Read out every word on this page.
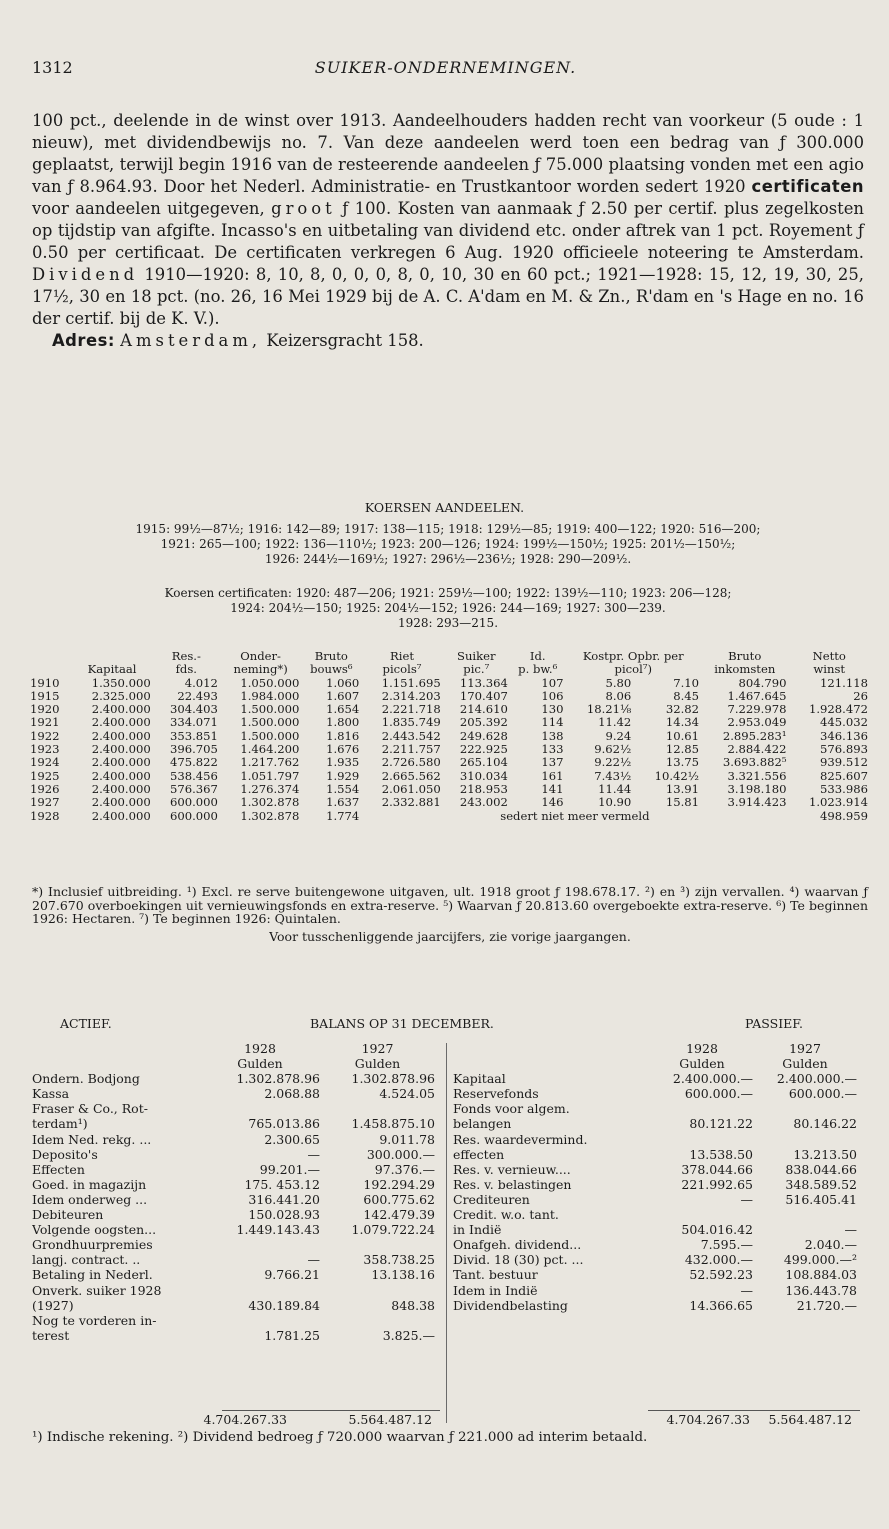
1312	SUIKER-ONDERNEMINGEN.

100 pct., deelende in de winst over 1913. Aandeelhouders hadden recht van voorkeur (5 oude : 1 nieuw), met dividendbewijs no. 7. Van deze aandeelen werd toen een bedrag van ƒ 300.000 geplaatst, terwijl begin 1916 van de resteerende aandeelen ƒ 75.000 plaatsing vonden met een agio van ƒ 8.964.93. Door het Nederl. Administratie- en Trustkantoor worden sedert 1920 certificaten voor aandeelen uitgegeven, groot ƒ 100. Kosten van aanmaak ƒ 2.50 per certif. plus zegelkosten op tijdstip van afgifte. Incasso's en uitbetaling van dividend etc. onder aftrek van 1 pct. Royement ƒ 0.50 per certificaat. De certificaten verkregen 6 Aug. 1920 officieele noteering te Amsterdam. Dividend 1910—1920: 8, 10, 8, 0, 0, 0, 8, 0, 10, 30 en 60 pct.; 1921—1928: 15, 12, 19, 30, 25, 17½, 30 en 18 pct. (no. 26, 16 Mei 1929 bij de A. C. A'dam en M. & Zn., R'dam en 's Hage en no. 16 der certif. bij de K. V.).

Adres: Amsterdam, Keizersgracht 158.

KOERSEN AANDEELEN.
1915: 99½—87½; 1916: 142—89; 1917: 138—115; 1918: 129½—85; 1919: 400—122; 1920: 516—200;
1921: 265—100; 1922: 136—110½; 1923: 200—126; 1924: 199½—150½; 1925: 201½—150½;
1926: 244½—169½; 1927: 296½—236½; 1928: 290—209½.
Koersen certificaten: 1920: 487—206; 1921: 259½—100; 1922: 139½—110; 1923: 206—128;
1924: 204½—150; 1925: 204½—152; 1926: 244—169; 1927: 300—239.
1928: 293—215.
		Res.-	Onder-	Bruto	Riet	Suiker	Id.	Kostpr. Opbr. per		Bruto	Netto
	Kapitaal	fds.	neming*)	bouws⁶	picols⁷	pic.⁷	p. bw.⁶	picol⁷)		inkomsten	winst
1910	1.350.000	4.012	1.050.000	1.060	1.151.695	113.364	107	5.80	7.10	804.790	121.118
1915	2.325.000	22.493	1.984.000	1.607	2.314.203	170.407	106	8.06	8.45	1.467.645	26
1920	2.400.000	304.403	1.500.000	1.654	2.221.718	214.610	130	18.21⅛	32.82	7.229.978	1.928.472
1921	2.400.000	334.071	1.500.000	1.800	1.835.749	205.392	114	11.42	14.34	2.953.049	445.032
1922	2.400.000	353.851	1.500.000	1.816	2.443.542	249.628	138	9.24	10.61	2.895.283¹	346.136
1923	2.400.000	396.705	1.464.200	1.676	2.211.757	222.925	133	9.62½	12.85	2.884.422	576.893
1924	2.400.000	475.822	1.217.762	1.935	2.726.580	265.104	137	9.22½	13.75	3.693.882⁵	939.512
1925	2.400.000	538.456	1.051.797	1.929	2.665.562	310.034	161	7.43½	10.42½	3.321.556	825.607
1926	2.400.000	576.367	1.276.374	1.554	2.061.050	218.953	141	11.44	13.91	3.198.180	533.986
1927	2.400.000	600.000	1.302.878	1.637	2.332.881	243.002	146	10.90	15.81	3.914.423	1.023.914
1928	2.400.000	600.000	1.302.878	1.774	sedert niet meer vermeld						498.959

*) Inclusief uitbreiding. ¹) Excl. re serve buitengewone uitgaven, ult. 1918 groot ƒ 198.678.17. ²) en ³) zijn vervallen. ⁴) waarvan ƒ 207.670 overboekingen uit vernieuwingsfonds en extra-reserve. ⁵) Waarvan ƒ 20.813.60 overgeboekte extra-reserve. ⁶) Te beginnen 1926: Hectaren. ⁷) Te beginnen 1926: Quintalen.

Voor tusschenliggende jaarcijfers, zie vorige jaargangen.

ACTIEF.	BALANS OP 31 DECEMBER.	PASSIEF.
1928	1927
Gulden	Gulden
Ondern. Bodjong	1.302.878.96	1.302.878.96
Kassa	2.068.88	4.524.05
Fraser & Co., Rot-
terdam¹)	765.013.86	1.458.875.10
Idem Ned. rekg. ...	2.300.65	9.011.78
Deposito's	—	300.000.—
Effecten	99.201.—	97.376.—
Goed. in magazijn	175. 453.12	192.294.29
Idem onderweg ...	316.441.20	600.775.62
Debiteuren	150.028.93	142.479.39
Volgende oogsten...	1.449.143.43	1.079.722.24
Grondhuurpremies
langj. contract. ..	—	358.738.25
Betaling in Nederl.	9.766.21	13.138.16
Onverk. suiker 1928
(1927)	430.189.84	848.38
Nog te vorderen in-
terest	1.781.25	3.825.—
1928	1927
Gulden	Gulden
Kapitaal	2.400.000.—	2.400.000.—
Reservefonds	600.000.—	600.000.—
Fonds voor algem.
belangen	80.121.22	80.146.22
Res. waardevermind.
effecten	13.538.50	13.213.50
Res. v. vernieuw....	378.044.66	838.044.66
Res. v. belastingen	221.992.65	348.589.52
Crediteuren	—	516.405.41
Credit. w.o. tant.
in Indië	504.016.42	—
Onafgeh. dividend...	7.595.—	2.040.—
Divid. 18 (30) pct. ...	432.000.—	499.000.—²
Tant. bestuur	52.592.23	108.884.03
Idem in Indië	—	136.443.78
Dividendbelasting	14.366.65	21.720.—
4.704.267.33	5.564.487.12	4.704.267.33	5.564.487.12

¹) Indische rekening. ²) Dividend bedroeg ƒ 720.000 waarvan ƒ 221.000 ad interim betaald.
